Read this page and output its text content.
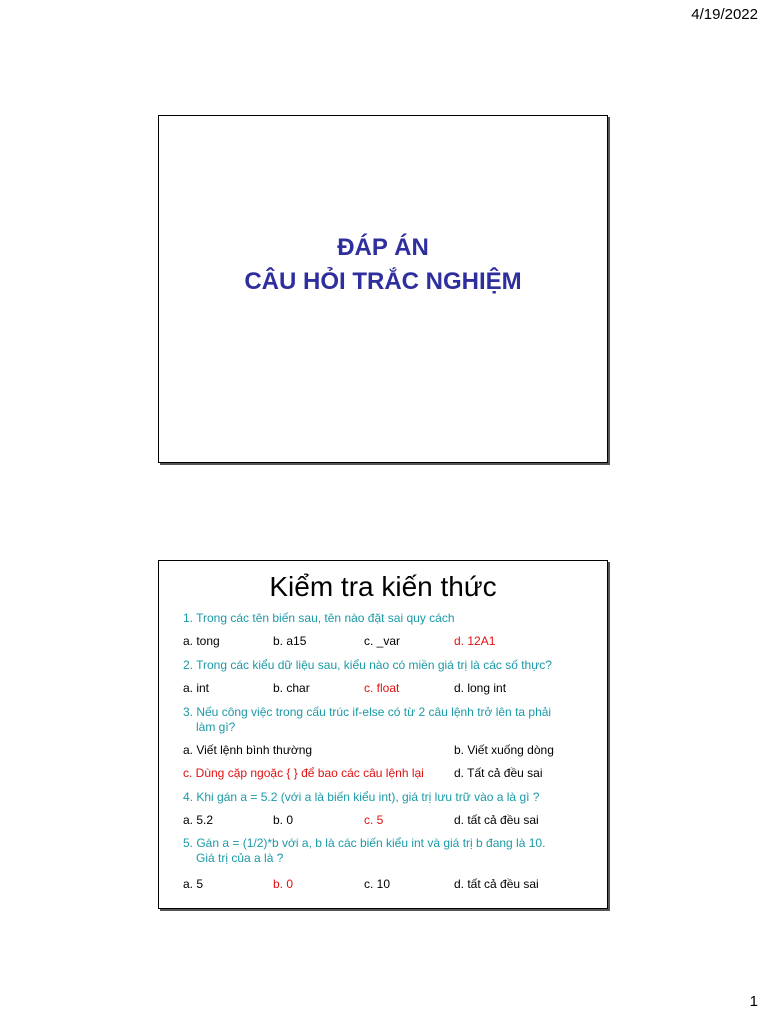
4/19/2022
ĐÁP ÁN
CÂU HỎI TRẮC NGHIỆM
Kiểm tra kiến thức
1. Trong các tên biến sau, tên nào đặt sai quy cách
a. tong	b. a15	c. _var	d. 12A1
2. Trong các kiểu dữ liệu sau, kiểu nào có miền giá trị là các số thực?
a. int	b. char	c. float	d. long int
3. Nếu công việc trong cấu trúc if-else có từ 2 câu lệnh trở lên ta phải làm gì?
a. Viết lệnh bình thường	b. Viết xuống dòng
c. Dùng cặp ngoặc { } để bao các câu lệnh lại	d. Tất cả đều sai
4. Khi gán a = 5.2 (với a là biến kiểu int), giá trị lưu trữ vào a là gì ?
a. 5.2	b. 0	c. 5	d. tất cả đều sai
5. Gán a = (1/2)*b với a, b là các biến kiểu int và giá trị b đang là 10. Giá trị của a là ?
a. 5	b. 0	c. 10	d. tất cả đều sai
1
